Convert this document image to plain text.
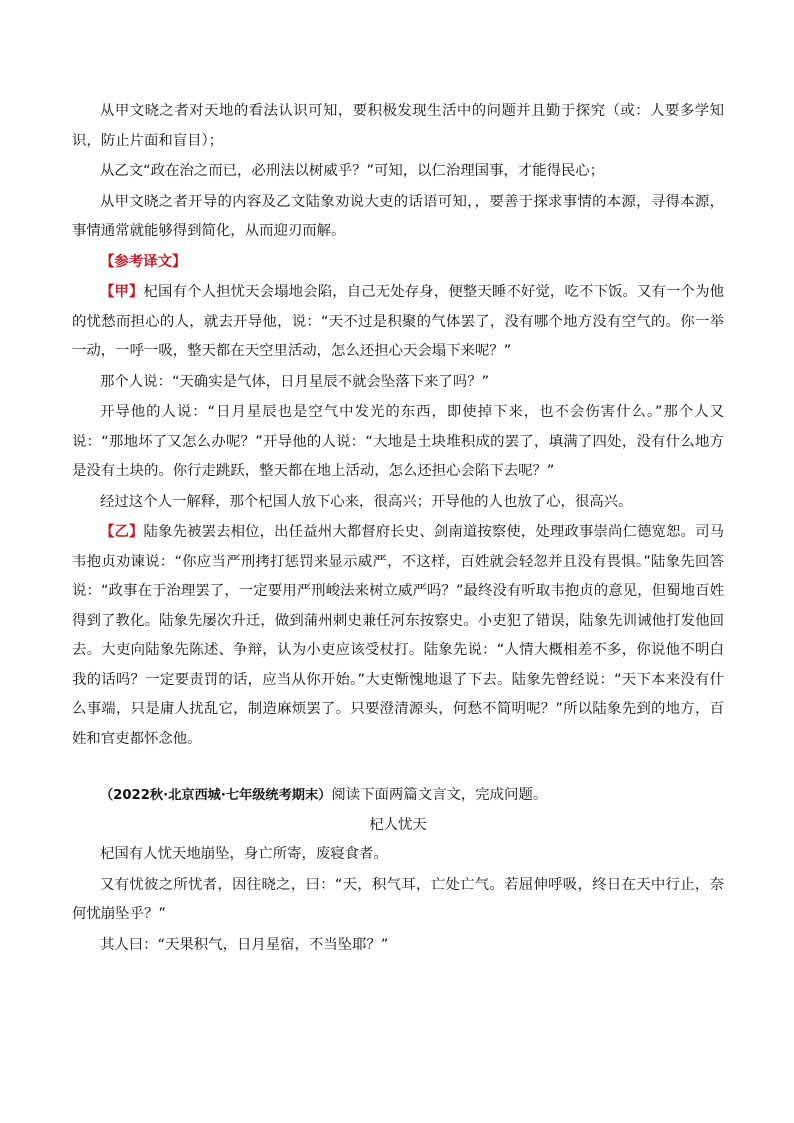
从甲文晓之者对天地的看法认识可知，要积极发现生活中的问题并且勤于探究（或：人要多学知识，防止片面和盲目）；

从乙文“政在治之而已，必刑法以树威乎？”可知，以仁治理国事，才能得民心；

从甲文晓之者开导的内容及乙文陆象劝说大吏的话语可知，，要善于探求事情的本源，寻得本源，事情通常就能够得到简化，从而迎刃而解。

【参考译文】

【甲】杞国有个人担忧天会塌地会陷，自己无处存身，便整天睡不好觉，吃不下饭。又有一个为他的忧愁而担心的人，就去开导他，说：“天不过是积聚的气体罢了，没有哪个地方没有空气的。你一举一动，一呼一吸，整天都在天空里活动，怎么还担心天会塌下来呢？”

那个人说：“天确实是气体，日月星辰不就会坠落下来了吗？”

开导他的人说：“日月星辰也是空气中发光的东西，即使掉下来，也不会伤害什么。”那个人又说：“那地坏了又怎么办呢？”开导他的人说：“大地是土块堆积成的罢了，填满了四处，没有什么地方是没有土块的。你行走跳跃，整天都在地上活动，怎么还担心会陷下去呢？”

经过这个人一解释，那个杞国人放下心来，很高兴；开导他的人也放了心，很高兴。

【乙】陆象先被罢去相位，出任益州大都督府长史、剑南道按察使，处理政事崇尚仁德宽恕。司马韦抱贞劝谏说：“你应当严刑拷打惩罚来显示威严，不这样，百姓就会轻忽并且没有畏惧。”陆象先回答说：“政事在于治理罢了，一定要用严刑峻法来树立威严吗？”最终没有听取韦抱贞的意见，但蜀地百姓得到了教化。陆象先屡次升迁，做到蒲州刺史兼任河东按察史。小吏犯了错误，陆象先训诫他打发他回去。大吏向陆象先陈述、争辩，认为小吏应该受杖打。陆象先说：“人情大概相差不多，你说他不明白我的话吗？一定要责罚的话，应当从你开始。”大吏惭愧地退了下去。陆象先曾经说：“天下本来没有什么事端，只是庸人扰乱它，制造麻烦罢了。只要澄清源头，何愁不简明呢？”所以陆象先到的地方，百姓和官吏都怀念他。

（2022秋·北京西城·七年级统考期末）阅读下面两篇文言文，完成问题。

杞人忧天

杞国有人忧天地崩坠，身亡所寄，废寝食者。

又有忧彼之所忧者，因往晓之，曰：“天，积气耳，亡处亡气。若屈伸呼吸，终日在天中行止，奈何忧崩坠乎？”

其人曰：“天果积气，日月星宿，不当坠耶？”
